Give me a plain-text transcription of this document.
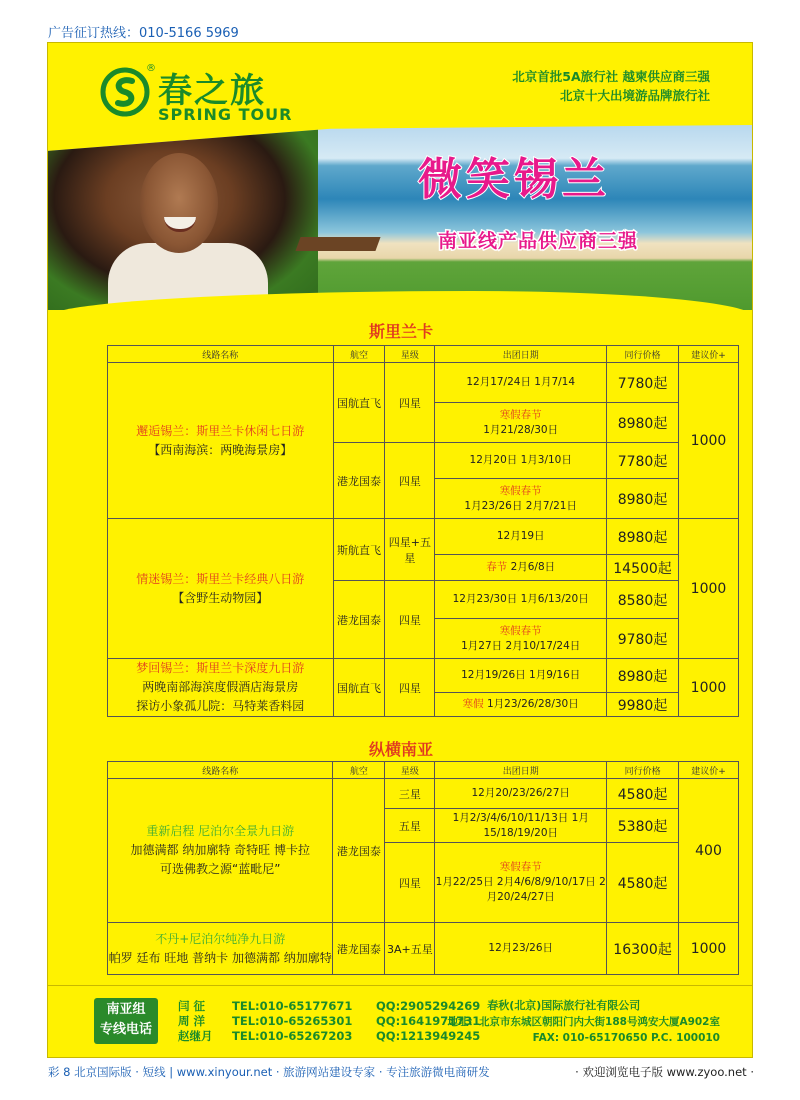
广告征订热线：010-5166 5969
®
春之旅
SPRING TOUR
北京首批5A旅行社 越柬供应商三强
北京十大出境游品牌旅行社
微笑锡兰
南亚线产品供应商三强
斯里兰卡
线路名称	航空	星级	出团日期	同行价格	建议价+

邂逅锡兰：斯里兰卡休闲七日游
【西南海滨：两晚海景房】	国航直飞	四星	12月17/24日 1月7/14	7780起	1000

			寒假春节
1月21/28/30日	8980起	
	港龙国泰	四星	12月20日 1月3/10日	7780起	

			寒假春节
1月23/26日 2月7/21日	8980起	

情迷锡兰：斯里兰卡经典八日游
【含野生动物园】	斯航直飞	四星+五星	12月19日	8980起	1000
			春节 2月6/8日	14500起	
	港龙国泰	四星	12月23/30日 1月6/13/20日	8580起	

			寒假春节
1月27日 2月10/17/24日	9780起	

梦回锡兰：斯里兰卡深度九日游
两晚南部海滨度假酒店海景房
探访小象孤儿院：马特莱香料园	国航直飞	四星	12月19/26日 1月9/16日	8980起	1000
			寒假 1月23/26/28/30日	9980起	
纵横南亚
线路名称	航空	星级	出团日期	同行价格	建议价+

重新启程 尼泊尔全景九日游
加德满都 纳加廓特 奇特旺 博卡拉
可选佛教之源“蓝毗尼”	港龙国泰	三星	12月20/23/26/27日	4580起	400
		五星	1月2/3/4/6/10/11/13日 1月15/18/19/20日	5380起	
		四星	寒假春节
1月22/25日 2月4/6/8/9/10/17日 2月20/24/27日	4580起	

不丹+尼泊尔纯净九日游
帕罗 廷布 旺地 普纳卡 加德满都 纳加廓特	港龙国泰	3A+五星	12月23/26日	16300起	1000
南亚组
专线电话
闫 征 TEL:010-65177671 QQ:2905294269
周 洋 TEL:010-65265301 QQ:1641971731
赵继月 TEL:010-65267203 QQ:1213949245
春秋(北京)国际旅行社有限公司
地址：北京市东城区朝阳门内大街188号鸿安大厦A902室
FAX: 010-65170650 P.C. 100010
彩 8 北京国际版 · 短线 | www.xinyour.net · 旅游网站建设专家 · 专注旅游微电商研发	· 欢迎浏览电子版 www.zyoo.net ·
